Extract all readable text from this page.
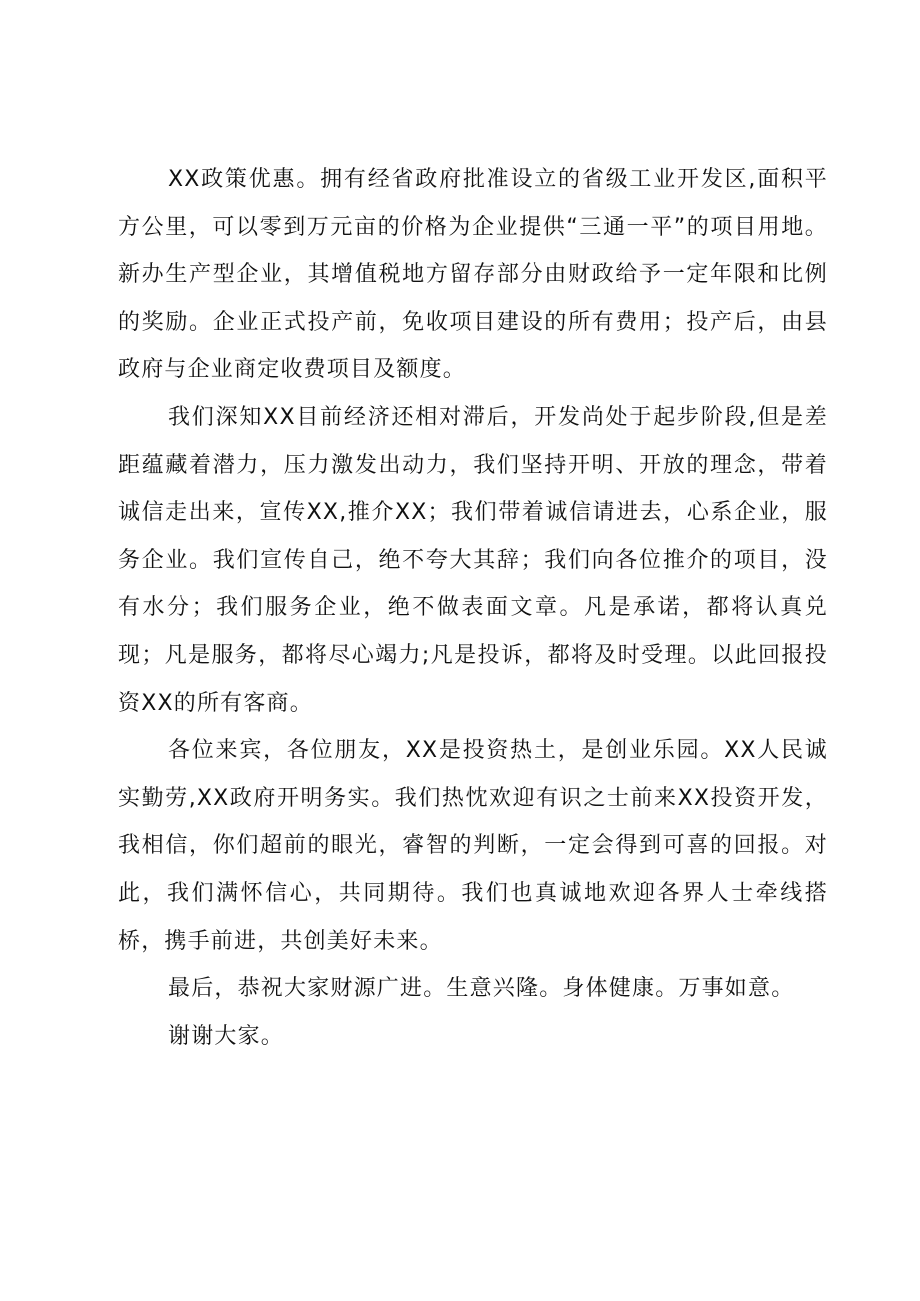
XX政策优惠。拥有经省政府批准设立的省级工业开发区,面积平方公里，可以零到万元亩的价格为企业提供“三通一平”的项目用地。新办生产型企业，其增值税地方留存部分由财政给予一定年限和比例的奖励。企业正式投产前，免收项目建设的所有费用；投产后，由县政府与企业商定收费项目及额度。

我们深知XX目前经济还相对滞后，开发尚处于起步阶段,但是差距蕴藏着潜力，压力激发出动力，我们坚持开明、开放的理念，带着诚信走出来，宣传XX,推介XX；我们带着诚信请进去，心系企业，服务企业。我们宣传自己，绝不夸大其辞；我们向各位推介的项目，没有水分；我们服务企业，绝不做表面文章。凡是承诺，都将认真兑现；凡是服务，都将尽心竭力;凡是投诉，都将及时受理。以此回报投资XX的所有客商。

各位来宾，各位朋友，XX是投资热土，是创业乐园。XX人民诚实勤劳,XX政府开明务实。我们热忱欢迎有识之士前来XX投资开发，我相信，你们超前的眼光，睿智的判断，一定会得到可喜的回报。对此，我们满怀信心，共同期待。我们也真诚地欢迎各界人士牵线搭桥，携手前进，共创美好未来。

最后，恭祝大家财源广进。生意兴隆。身体健康。万事如意。

谢谢大家。
